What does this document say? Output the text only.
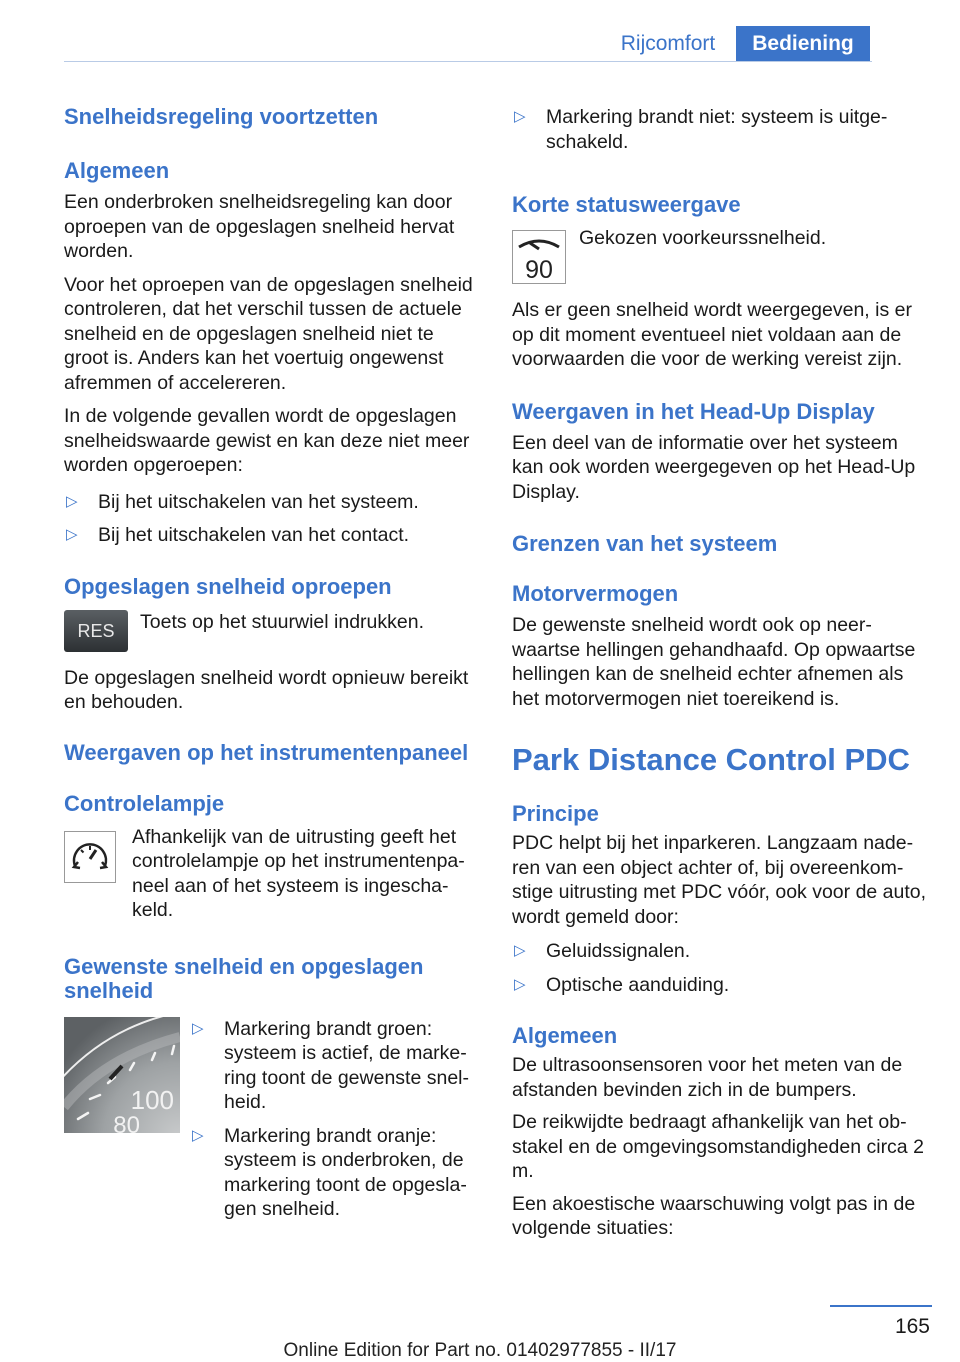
Rijcomfort	Bediening
Snelheidsregeling voortzetten
Algemeen

Een onderbroken snelheidsregeling kan door oproepen van de opgeslagen snelheid hervat worden.

Voor het oproepen van de opgeslagen snelheid controleren, dat het verschil tussen de actuele snelheid en de opgeslagen snelheid niet te groot is. Anders kan het voertuig ongewenst afremmen of accelereren.

In de volgende gevallen wordt de opgeslagen snelheidswaarde gewist en kan deze niet meer worden opgeroepen:

▷ Bij het uitschakelen van het systeem.
▷ Bij het uitschakelen van het contact.
Opgeslagen snelheid oproepen
RES	Toets op het stuurwiel indrukken.

De opgeslagen snelheid wordt opnieuw bereikt en behouden.

Weergaven op het instrumentenpaneel
Controlelampje

Afhankelijk van de uitrusting geeft het controlelampje op het instrumentenpaneel aan of het systeem is ingeschakeld.

Gewenste snelheid en opgeslagen snelheid
100
80
▷ Markering brandt groen: systeem is actief, de markering toont de gewenste snelheid.
▷ Markering brandt oranje: systeem is onderbroken, de markering toont de opgeslagen snelheid.
▷ Markering brandt niet: systeem is uitgeschakeld.
Korte statusweergave
90

Gekozen voorkeurssnelheid.

Als er geen snelheid wordt weergegeven, is er op dit moment eventueel niet voldaan aan de voorwaarden die voor de werking vereist zijn.

Weergaven in het Head-Up Display

Een deel van de informatie over het systeem kan ook worden weergegeven op het Head-Up Display.

Grenzen van het systeem
Motorvermogen

De gewenste snelheid wordt ook op neerwaartse hellingen gehandhaafd. Op opwaartse hellingen kan de snelheid echter afnemen als het motorvermogen niet toereikend is.

Park Distance Control PDC
Principe

PDC helpt bij het inparkeren. Langzaam naderen van een object achter of, bij overeenkomstige uitrusting met PDC vóór, ook voor de auto, wordt gemeld door:

▷ Geluidssignalen.
▷ Optische aanduiding.
Algemeen

De ultrasoonsensoren voor het meten van de afstanden bevinden zich in de bumpers.

De reikwijdte bedraagt afhankelijk van het obstakel en de omgevingsomstandigheden circa 2 m.

Een akoestische waarschuwing volgt pas in de volgende situaties:

165
Online Edition for Part no. 01402977855 - II/17
